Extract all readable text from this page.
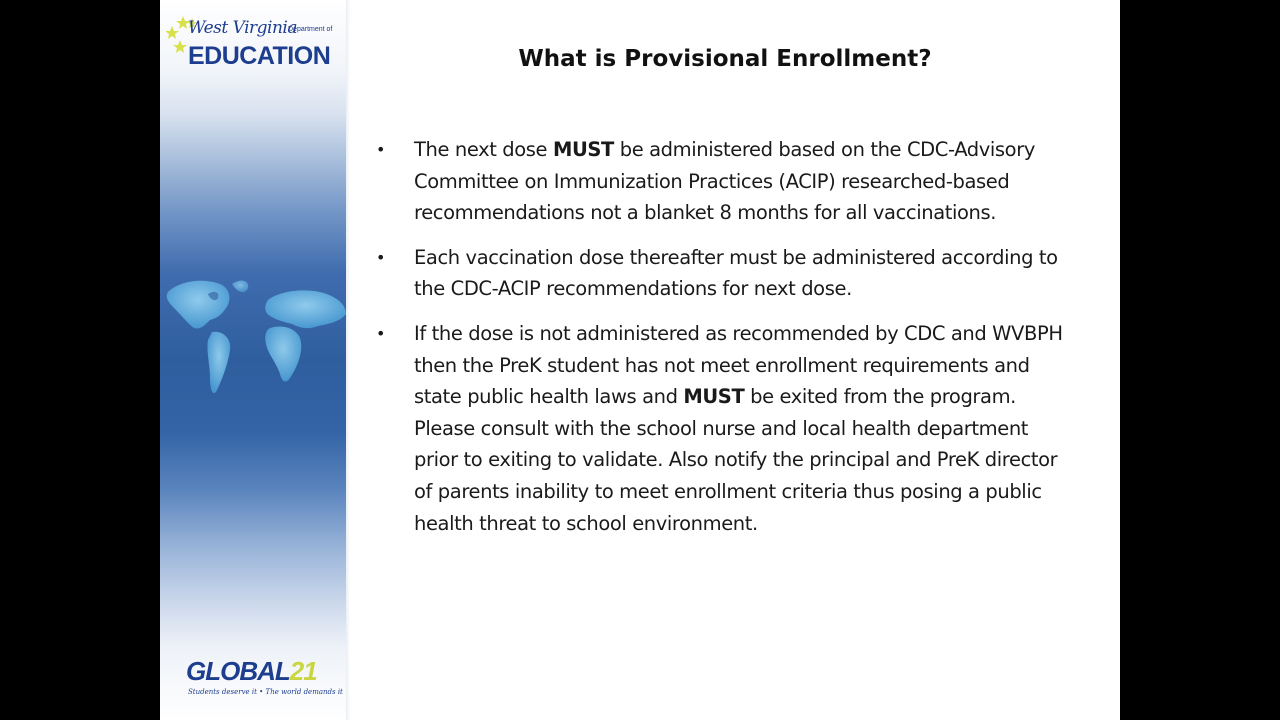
West Virginia
Department of
EDUCATION
GLOBAL21
Students deserve it • The world demands it
What is Provisional Enrollment?
• The next dose MUST be administered based on the CDC-Advisory Committee on Immunization Practices (ACIP) researched-based recommendations not a blanket 8 months for all vaccinations.
• Each vaccination dose thereafter must be administered according to the CDC-ACIP recommendations for next dose.
• If the dose is not administered as recommended by CDC and WVBPH then the PreK student has not meet enrollment requirements and state public health laws and MUST be exited from the program. Please consult with the school nurse and local health department prior to exiting to validate. Also notify the principal and PreK director of parents inability to meet enrollment criteria thus posing a public health threat to school environment.
